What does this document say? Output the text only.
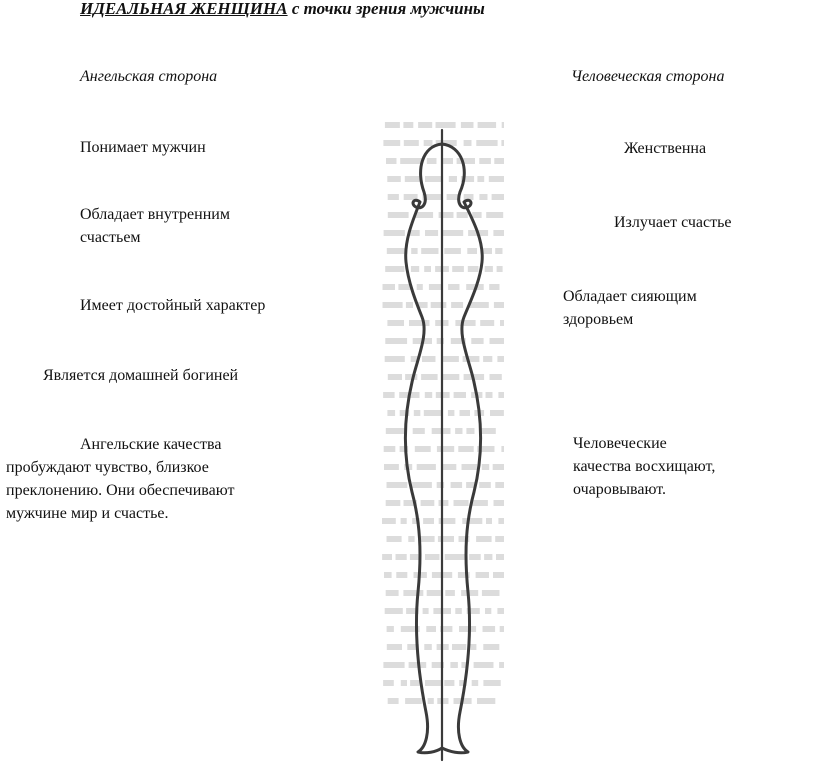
ИДЕАЛЬНАЯ ЖЕНЩИНА с точки зрения мужчины
Ангельская сторона
Понимает мужчин
Обладает внутренним
счастьем
Имеет достойный характер
Является домашней богиней
Ангельские качества
пробуждают чувство, близкое
преклонению. Они обеспечивают
мужчине мир и счастье.
Человеческая сторона
Женственна
Излучает счастье
Обладает сияющим
здоровьем
Человеческие
качества восхищают,
очаровывают.
